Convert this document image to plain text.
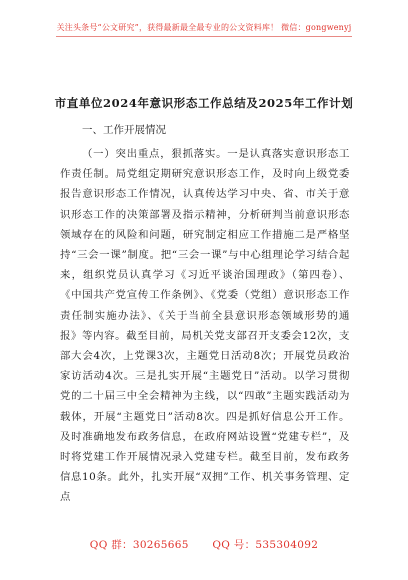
关注头条号“公文研究”，获得最新最全最专业的公文资料库！ 微信：gongwenyj
市直单位2024年意识形态工作总结及2025年工作计划
一、工作开展情况

（一）突出重点，狠抓落实。一是认真落实意识形态工作责任制。局党组定期研究意识形态工作，及时向上级党委报告意识形态工作情况，认真传达学习中央、省、市关于意识形态工作的决策部署及指示精神，分析研判当前意识形态领域存在的风险和问题，研究制定相应工作措施二是严格坚持“三会一课”制度。把“三会一课”与中心组理论学习结合起来，组织党员认真学习《习近平谈治国理政》（第四卷）、《中国共产党宣传工作条例》、《党委（党组）意识形态工作责任制实施办法》、《关于当前全县意识形态领域形势的通报》等内容。截至目前，局机关党支部召开支委会12次，支部大会4次，上党课3次，主题党日活动8次；开展党员政治家访活动4次。三是扎实开展“主题党日”活动。以学习贯彻党的二十届三中全会精神为主线，以“四敢”主题实践活动为载体，开展“主题党日”活动8次。四是抓好信息公开工作。及时准确地发布政务信息，在政府网站设置“党建专栏”，及时将党建工作开展情况录入党建专栏。截至目前，发布政务信息10条。此外，扎实开展“双拥”工作、机关事务管理、定点

QQ 群：30265665 QQ 号：535304092
